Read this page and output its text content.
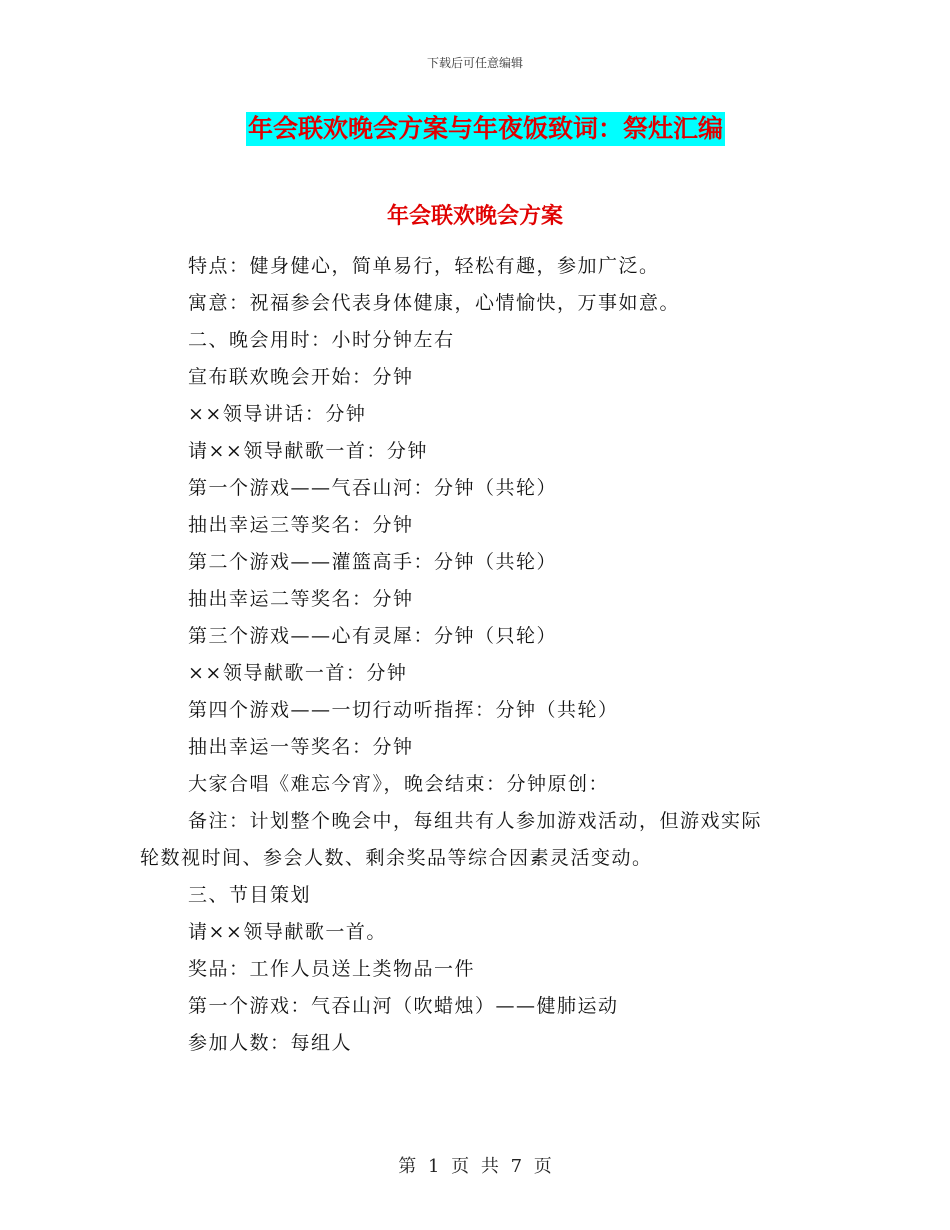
下载后可任意编辑
年会联欢晚会方案与年夜饭致词：祭灶汇编
年会联欢晚会方案
特点：健身健心，简单易行，轻松有趣，参加广泛。
寓意：祝福参会代表身体健康，心情愉快，万事如意。
二、晚会用时：小时分钟左右
宣布联欢晚会开始：分钟
××领导讲话：分钟
请××领导献歌一首：分钟
第一个游戏——气吞山河：分钟（共轮）
抽出幸运三等奖名：分钟
第二个游戏——灌篮高手：分钟（共轮）
抽出幸运二等奖名：分钟
第三个游戏——心有灵犀：分钟（只轮）
××领导献歌一首：分钟
第四个游戏——一切行动听指挥：分钟（共轮）
抽出幸运一等奖名：分钟
大家合唱《难忘今宵》，晚会结束：分钟原创：
备注：计划整个晚会中，每组共有人参加游戏活动，但游戏实际
轮数视时间、参会人数、剩余奖品等综合因素灵活变动。
三、节目策划
请××领导献歌一首。
奖品：工作人员送上类物品一件
第一个游戏：气吞山河（吹蜡烛）——健肺运动
参加人数：每组人
第 1 页 共 7 页
